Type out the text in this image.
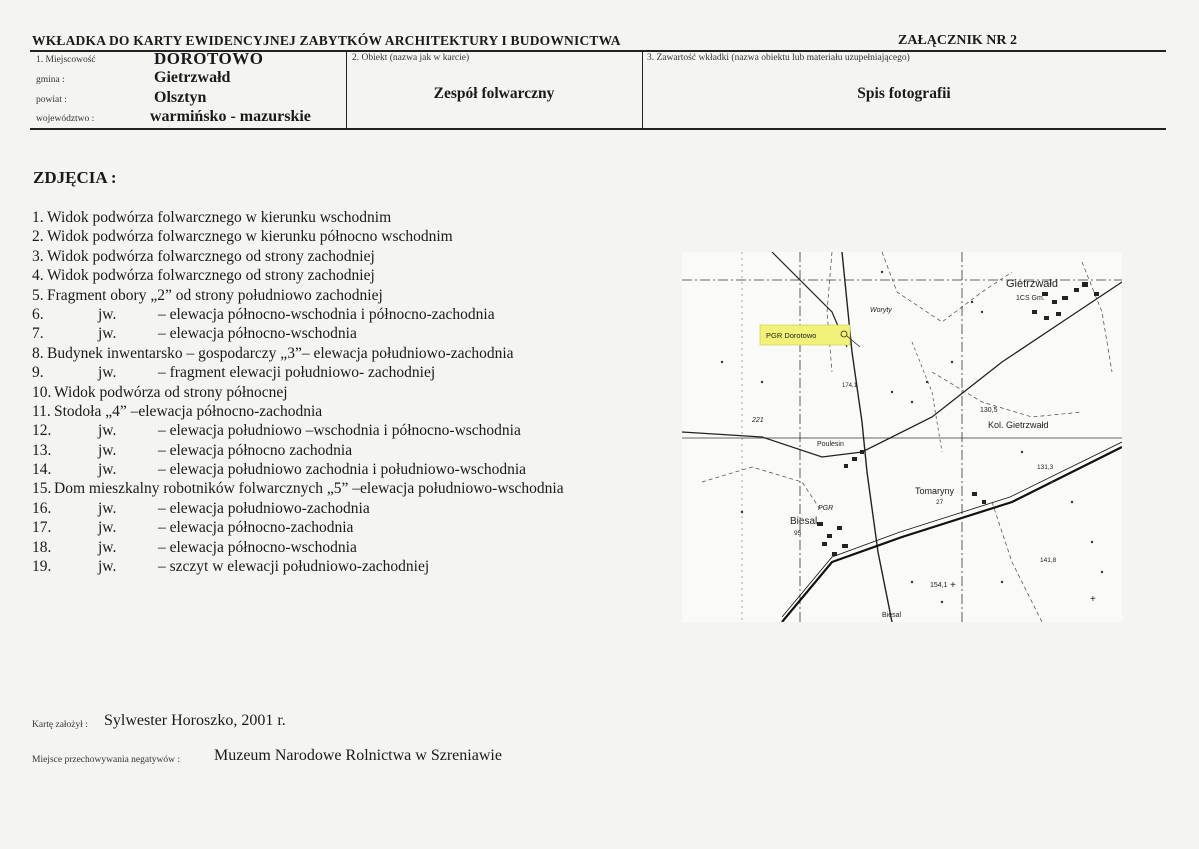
WKŁADKA DO KARTY EWIDENCYJNEJ ZABYTKÓW ARCHITEKTURY I BUDOWNICTWA	ZAŁĄCZNIK NR 2
1. Miejscowość	DOROTOWO
gmina :	Gietrzwałd
powiat :	Olsztyn
województwo :	warmińsko - mazurskie
2. Obiekt (nazwa jak w karcie)
Zespół folwarczny
3. Zawartość wkładki (nazwa obiektu lub materiału uzupełniającego)
Spis fotografii
ZDJĘCIA :
1. Widok podwórza folwarcznego w kierunku wschodnim
2. Widok podwórza folwarcznego w kierunku północno wschodnim
3. Widok podwórza folwarcznego od strony zachodniej
4. Widok podwórza folwarcznego od strony zachodniej
5. Fragment obory „2” od strony południowo zachodniej
6.	jw.	– elewacja północno-wschodnia i północno-zachodnia
7.	jw.	– elewacja północno-wschodnia
8. Budynek inwentarsko – gospodarczy „3”– elewacja południowo-zachodnia
9.	jw.	– fragment elewacji południowo- zachodniej
10. Widok podwórza od strony północnej
11. Stodoła „4” –elewacja północno-zachodnia
12.	jw.	– elewacja południowo –wschodnia i północno-wschodnia
13.	jw.	– elewacja północno zachodnia
14.	jw.	– elewacja południowo zachodnia i południowo-wschodnia
15. Dom mieszkalny robotników folwarcznych „5” –elewacja południowo-wschodnia
16.	jw.	– elewacja południowo-zachodnia
17.	jw.	– elewacja północno-zachodnia
18.	jw.	– elewacja północno-wschodnia
19.	jw.	– szczyt w elewacji południowo-zachodniej
Gietrzwałd
1CS Gm.
Woryty
PGR Dorotowo
174,1
130,5
Kol. Gietrzwałd
221
Poulesin
131,3
Tomaryny
27
PGR
Biesal
95
141,8
154,1
Biesal
+
+
Kartę założył : Sylwester Horoszko, 2001 r.
Miejsce przechowywania negatywów : Muzeum Narodowe Rolnictwa w Szreniawie
